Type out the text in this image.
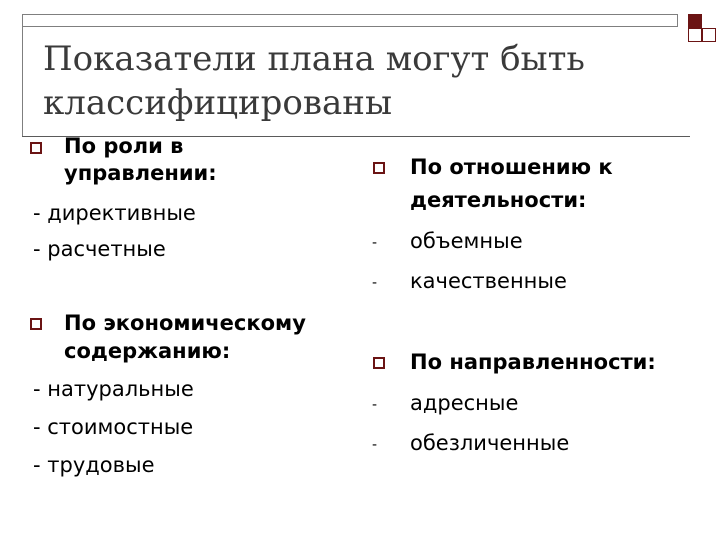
Показатели плана могут быть классифицированы
По роли в
управлении:
- директивные
- расчетные
По экономическому
содержанию:
- натуральные
- стоимостные
- трудовые
По отношению к
деятельности:
- объемные
- качественные
По направленности:
- адресные
- обезличенные
